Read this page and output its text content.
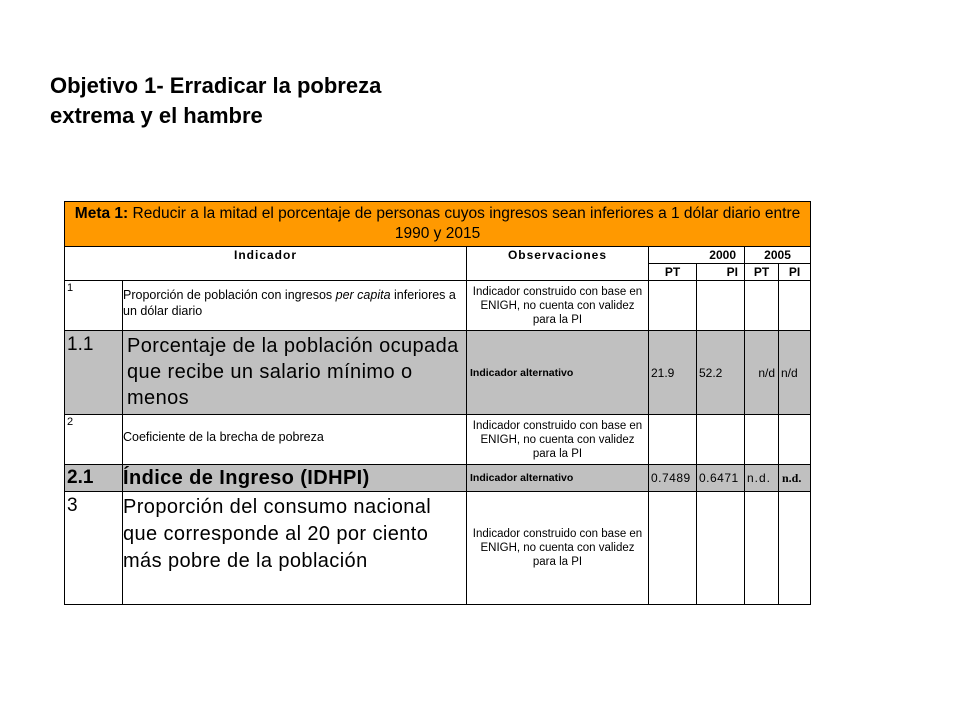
Objetivo 1- Erradicar la pobreza
extrema y el hambre
Meta 1: Reducir a la mitad el porcentaje de personas cuyos ingresos sean inferiores a 1 dólar diario entre 1990 y 2015						
Indicador		Observaciones	2000		2005	
			PT	PI	PT	PI
1	Proporción de población con ingresos per capita inferiores a un dólar diario	Indicador construido con base en ENIGH, no cuenta con validez para la PI				
1.1	Porcentaje de la población ocupada que recibe un salario mínimo o menos	Indicador alternativo	21.9	52.2	n/d	n/d
2	Coeficiente de la brecha de pobreza	Indicador construido con base en ENIGH, no cuenta con validez para la PI				
2.1	Índice de Ingreso (IDHPI)	Indicador alternativo	0.7489	0.6471	n.d.	n.d.
3	Proporción del consumo nacional que corresponde al 20 por ciento más pobre de la población	Indicador construido con base en ENIGH, no cuenta con validez para la PI				
